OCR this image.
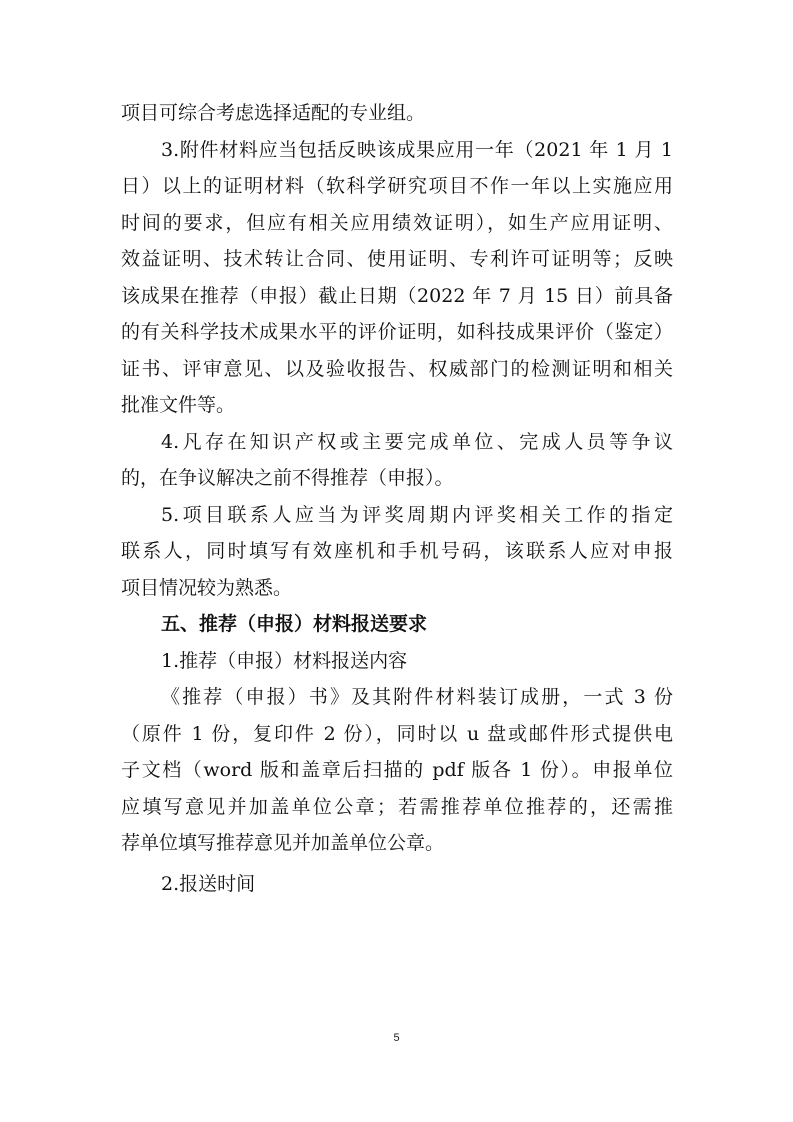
项目可综合考虑选择适配的专业组。
3.附件材料应当包括反映该成果应用一年（2021 年 1 月 1
日）以上的证明材料（软科学研究项目不作一年以上实施应用
时间的要求，但应有相关应用绩效证明），如生产应用证明、
效益证明、技术转让合同、使用证明、专利许可证明等；反映
该成果在推荐（申报）截止日期（2022 年 7 月 15 日）前具备
的有关科学技术成果水平的评价证明，如科技成果评价（鉴定）
证书、评审意见、以及验收报告、权威部门的检测证明和相关
批准文件等。
4.凡存在知识产权或主要完成单位、完成人员等争议
的，在争议解决之前不得推荐（申报）。
5.项目联系人应当为评奖周期内评奖相关工作的指定
联系人，同时填写有效座机和手机号码，该联系人应对申报
项目情况较为熟悉。
五、推荐（申报）材料报送要求
1.推荐（申报）材料报送内容
《推荐（申报）书》及其附件材料装订成册，一式 3 份
（原件 1 份，复印件 2 份），同时以 u 盘或邮件形式提供电
子文档（word 版和盖章后扫描的 pdf 版各 1 份）。申报单位
应填写意见并加盖单位公章；若需推荐单位推荐的，还需推
荐单位填写推荐意见并加盖单位公章。
2.报送时间
5
